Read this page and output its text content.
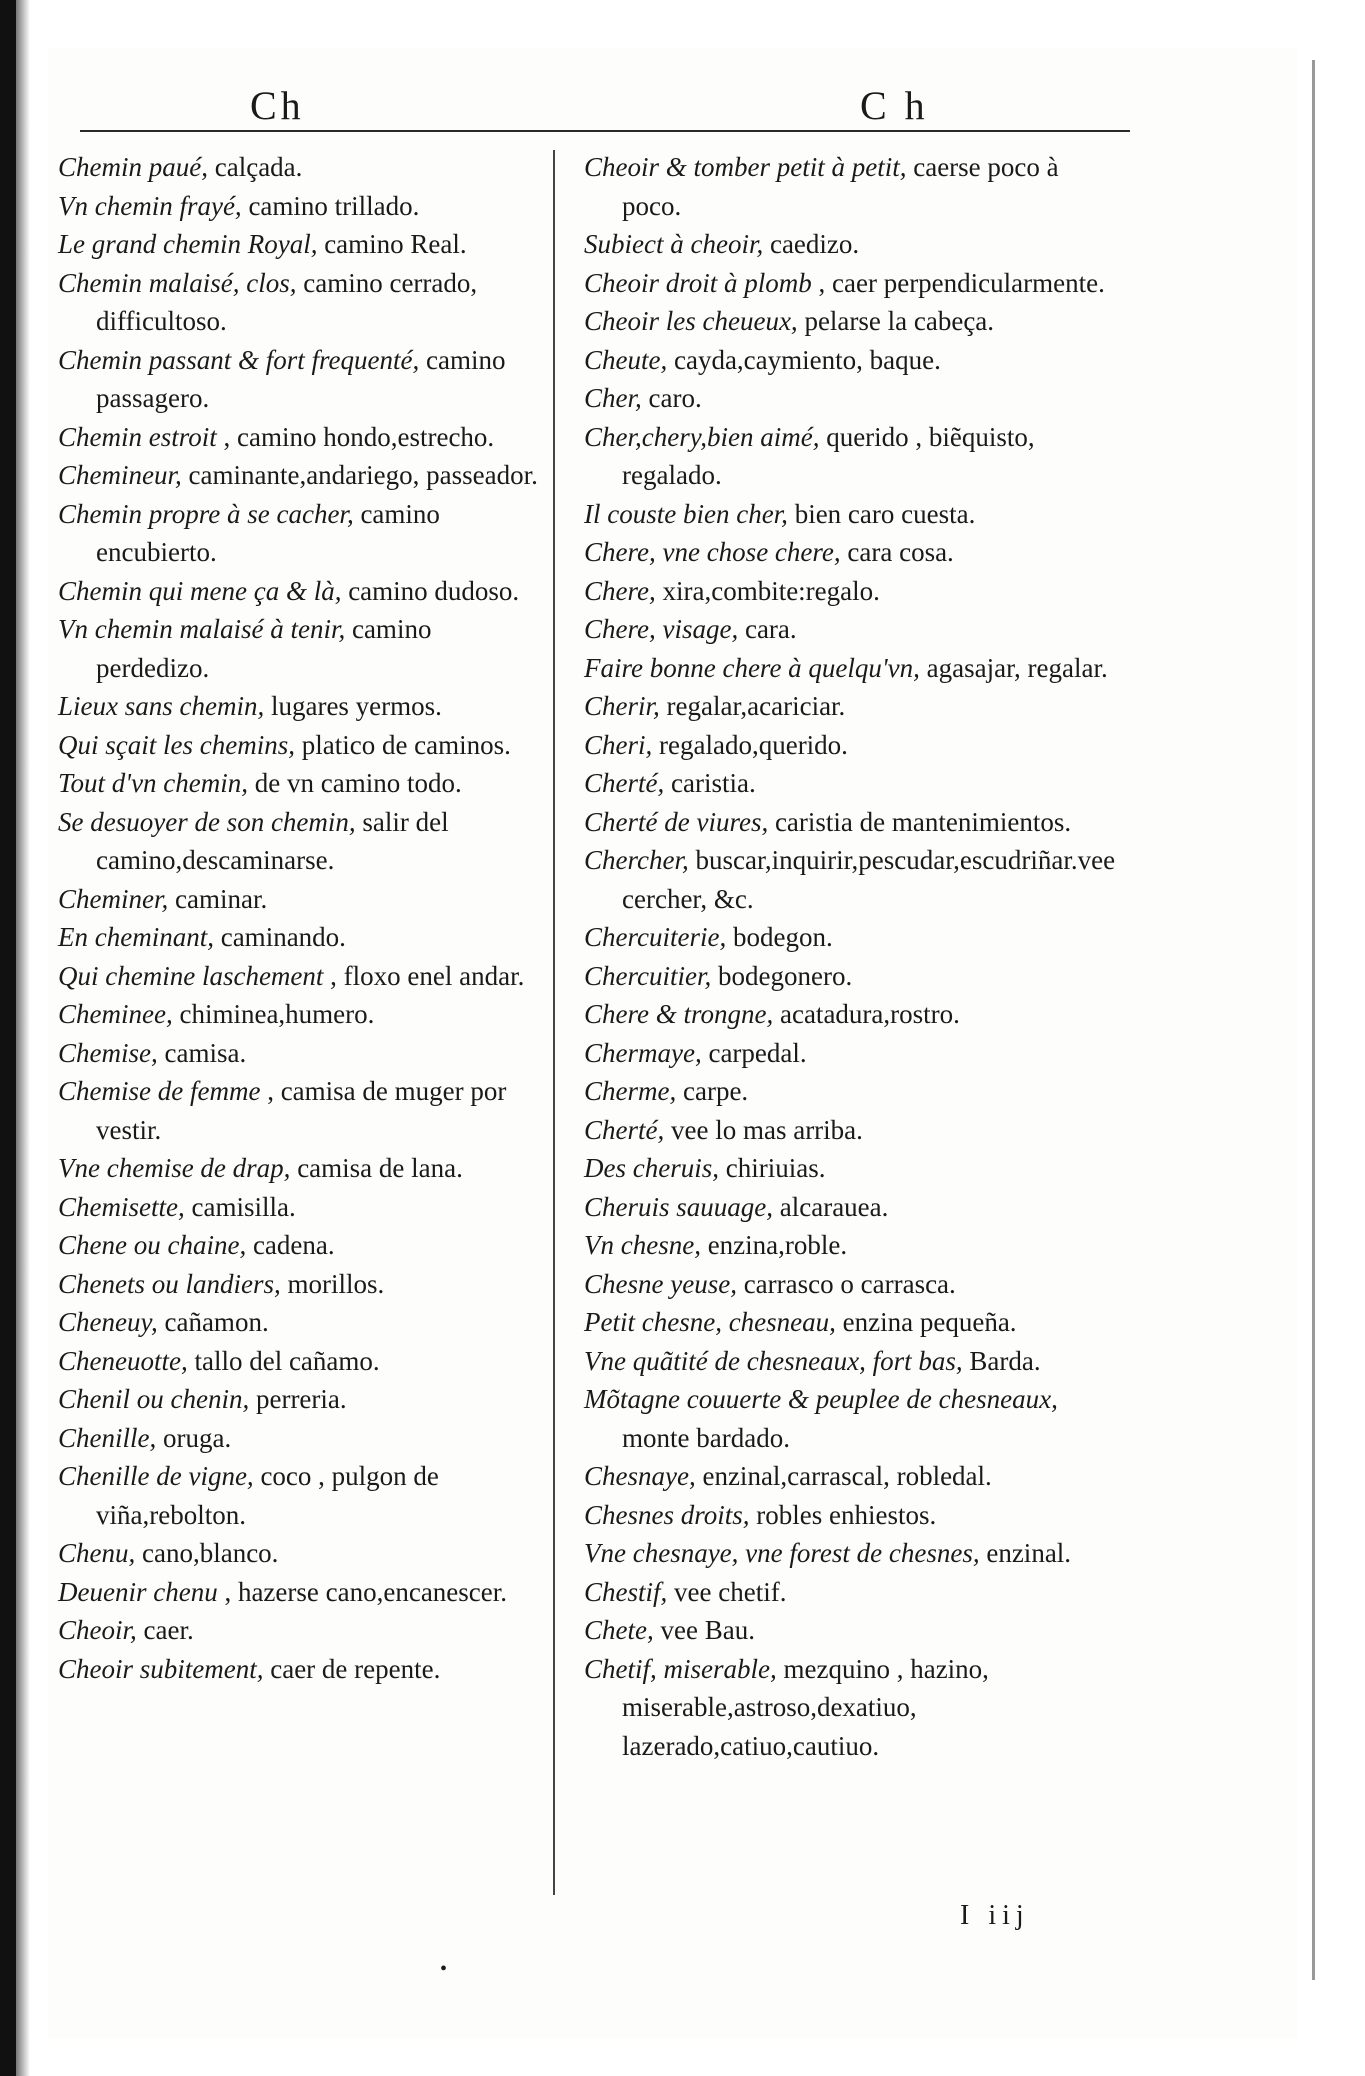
Ch	C h

Chemin paué, calçada.

Vn chemin frayé, camino trillado.

Le grand chemin Royal, camino Real.

Chemin malaisé, clos, camino cerrado, difficultoso.

Chemin passant & fort frequenté, camino passagero.

Chemin estroit , camino hondo,estrecho.

Chemineur, caminante,andariego, passeador.

Chemin propre à se cacher, camino encubierto.

Chemin qui mene ça & là, camino dudoso.

Vn chemin malaisé à tenir, camino perdedizo.

Lieux sans chemin, lugares yermos.

Qui sçait les chemins, platico de caminos.

Tout d'vn chemin, de vn camino todo.

Se desuoyer de son chemin, salir del camino,descaminarse.

Cheminer, caminar.

En cheminant, caminando.

Qui chemine laschement , floxo enel andar.

Cheminee, chiminea,humero.

Chemise, camisa.

Chemise de femme , camisa de muger por vestir.

Vne chemise de drap, camisa de lana.

Chemisette, camisilla.

Chene ou chaine, cadena.

Chenets ou landiers, morillos.

Cheneuy, cañamon.

Cheneuotte, tallo del cañamo.

Chenil ou chenin, perreria.

Chenille, oruga.

Chenille de vigne, coco , pulgon de viña,rebolton.

Chenu, cano,blanco.

Deuenir chenu , hazerse cano,encanescer.

Cheoir, caer.

Cheoir subitement, caer de repente.

Cheoir & tomber petit à petit, caerse poco à poco.

Subiect à cheoir, caedizo.

Cheoir droit à plomb , caer perpendicularmente.

Cheoir les cheueux, pelarse la cabeça.

Cheute, cayda,caymiento, baque.

Cher, caro.

Cher,chery,bien aimé, querido , biẽquisto, regalado.

Il couste bien cher, bien caro cuesta.

Chere, vne chose chere, cara cosa.

Chere, xira,combite:regalo.

Chere, visage, cara.

Faire bonne chere à quelqu'vn, agasajar, regalar.

Cherir, regalar,acariciar.

Cheri, regalado,querido.

Cherté, caristia.

Cherté de viures, caristia de mantenimientos.

Chercher, buscar,inquirir,pescudar,escudriñar.vee cercher, &c.

Chercuiterie, bodegon.

Chercuitier, bodegonero.

Chere & trongne, acatadura,rostro.

Chermaye, carpedal.

Cherme, carpe.

Cherté, vee lo mas arriba.

Des cheruis, chiriuias.

Cheruis sauuage, alcarauea.

Vn chesne, enzina,roble.

Chesne yeuse, carrasco o carrasca.

Petit chesne, chesneau, enzina pequeña.

Vne quãtité de chesneaux, fort bas, Barda.

Mõtagne couuerte & peuplee de chesneaux, monte bardado.

Chesnaye, enzinal,carrascal, robledal.

Chesnes droits, robles enhiestos.

Vne chesnaye, vne forest de chesnes, enzinal.

Chestif, vee chetif.

Chete, vee Bau.

Chetif, miserable, mezquino , hazino, miserable,astroso,dexatiuo, lazerado,catiuo,cautiuo.

I iij
•
